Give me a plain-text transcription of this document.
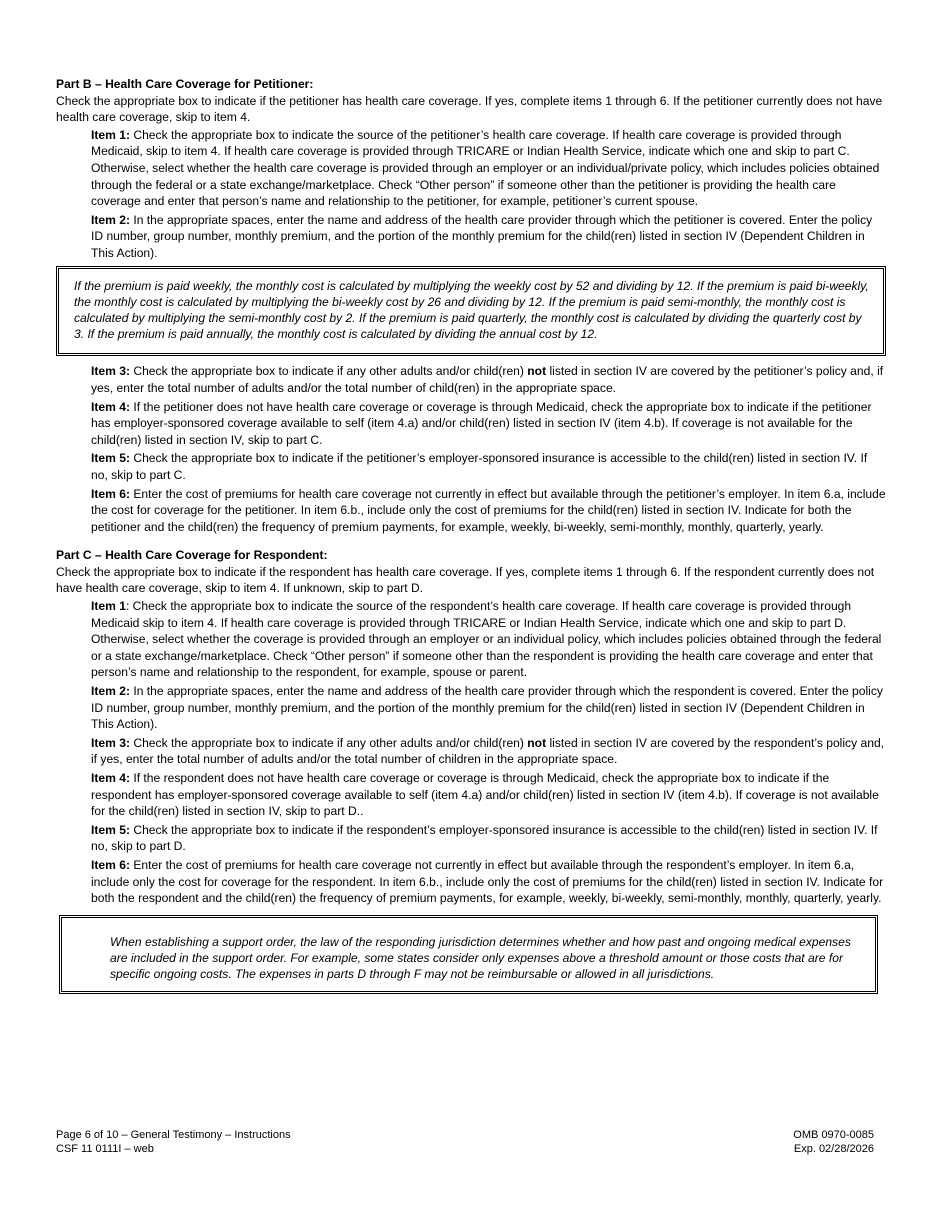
Part B – Health Care Coverage for Petitioner:

Check the appropriate box to indicate if the petitioner has health care coverage. If yes, complete items 1 through 6. If the petitioner currently does not have health care coverage, skip to item 4.

Item 1: Check the appropriate box to indicate the source of the petitioner’s health care coverage. If health care coverage is provided through Medicaid, skip to item 4. If health care coverage is provided through TRICARE or Indian Health Service, indicate which one and skip to part C. Otherwise, select whether the health care coverage is provided through an employer or an individual/private policy, which includes policies obtained through the federal or a state exchange/marketplace. Check “Other person” if someone other than the petitioner is providing the health care coverage and enter that person’s name and relationship to the petitioner, for example, petitioner’s current spouse.

Item 2: In the appropriate spaces, enter the name and address of the health care provider through which the petitioner is covered. Enter the policy ID number, group number, monthly premium, and the portion of the monthly premium for the child(ren) listed in section IV (Dependent Children in This Action).

If the premium is paid weekly, the monthly cost is calculated by multiplying the weekly cost by 52 and dividing by 12. If the premium is paid bi-weekly, the monthly cost is calculated by multiplying the bi-weekly cost by 26 and dividing by 12. If the premium is paid semi-monthly, the monthly cost is calculated by multiplying the semi-monthly cost by 2. If the premium is paid quarterly, the monthly cost is calculated by dividing the quarterly cost by 3. If the premium is paid annually, the monthly cost is calculated by dividing the annual cost by 12.

Item 3: Check the appropriate box to indicate if any other adults and/or child(ren) not listed in section IV are covered by the petitioner’s policy and, if yes, enter the total number of adults and/or the total number of child(ren) in the appropriate space.

Item 4: If the petitioner does not have health care coverage or coverage is through Medicaid, check the appropriate box to indicate if the petitioner has employer-sponsored coverage available to self (item 4.a) and/or child(ren) listed in section IV (item 4.b). If coverage is not available for the child(ren) listed in section IV, skip to part C.

Item 5: Check the appropriate box to indicate if the petitioner’s employer-sponsored insurance is accessible to the child(ren) listed in section IV. If no, skip to part C.

Item 6: Enter the cost of premiums for health care coverage not currently in effect but available through the petitioner’s employer. In item 6.a, include the cost for coverage for the petitioner. In item 6.b., include only the cost of premiums for the child(ren) listed in section IV. Indicate for both the petitioner and the child(ren) the frequency of premium payments, for example, weekly, bi-weekly, semi-monthly, monthly, quarterly, yearly.

Part C – Health Care Coverage for Respondent:

Check the appropriate box to indicate if the respondent has health care coverage. If yes, complete items 1 through 6. If the respondent currently does not have health care coverage, skip to item 4. If unknown, skip to part D.

Item 1: Check the appropriate box to indicate the source of the respondent’s health care coverage. If health care coverage is provided through Medicaid skip to item 4. If health care coverage is provided through TRICARE or Indian Health Service, indicate which one and skip to part D. Otherwise, select whether the coverage is provided through an employer or an individual policy, which includes policies obtained through the federal or a state exchange/marketplace. Check “Other person” if someone other than the respondent is providing the health care coverage and enter that person’s name and relationship to the respondent, for example, spouse or parent.

Item 2: In the appropriate spaces, enter the name and address of the health care provider through which the respondent is covered. Enter the policy ID number, group number, monthly premium, and the portion of the monthly premium for the child(ren) listed in section IV (Dependent Children in This Action).

Item 3: Check the appropriate box to indicate if any other adults and/or child(ren) not listed in section IV are covered by the respondent’s policy and, if yes, enter the total number of adults and/or the total number of children in the appropriate space.

Item 4: If the respondent does not have health care coverage or coverage is through Medicaid, check the appropriate box to indicate if the respondent has employer-sponsored coverage available to self (item 4.a) and/or child(ren) listed in section IV (item 4.b). If coverage is not available for the child(ren) listed in section IV, skip to part D..

Item 5: Check the appropriate box to indicate if the respondent’s employer-sponsored insurance is accessible to the child(ren) listed in section IV. If no, skip to part D.

Item 6: Enter the cost of premiums for health care coverage not currently in effect but available through the respondent’s employer. In item 6.a, include only the cost for coverage for the respondent. In item 6.b., include only the cost of premiums for the child(ren) listed in section IV. Indicate for both the respondent and the child(ren) the frequency of premium payments, for example, weekly, bi-weekly, semi-monthly, monthly, quarterly, yearly.

When establishing a support order, the law of the responding jurisdiction determines whether and how past and ongoing medical expenses are included in the support order. For example, some states consider only expenses above a threshold amount or those costs that are for specific ongoing costs. The expenses in parts D through F may not be reimbursable or allowed in all jurisdictions.
Page 6 of 10 – General Testimony – Instructions
CSF 11 0111I – web
OMB 0970-0085
Exp. 02/28/2026
